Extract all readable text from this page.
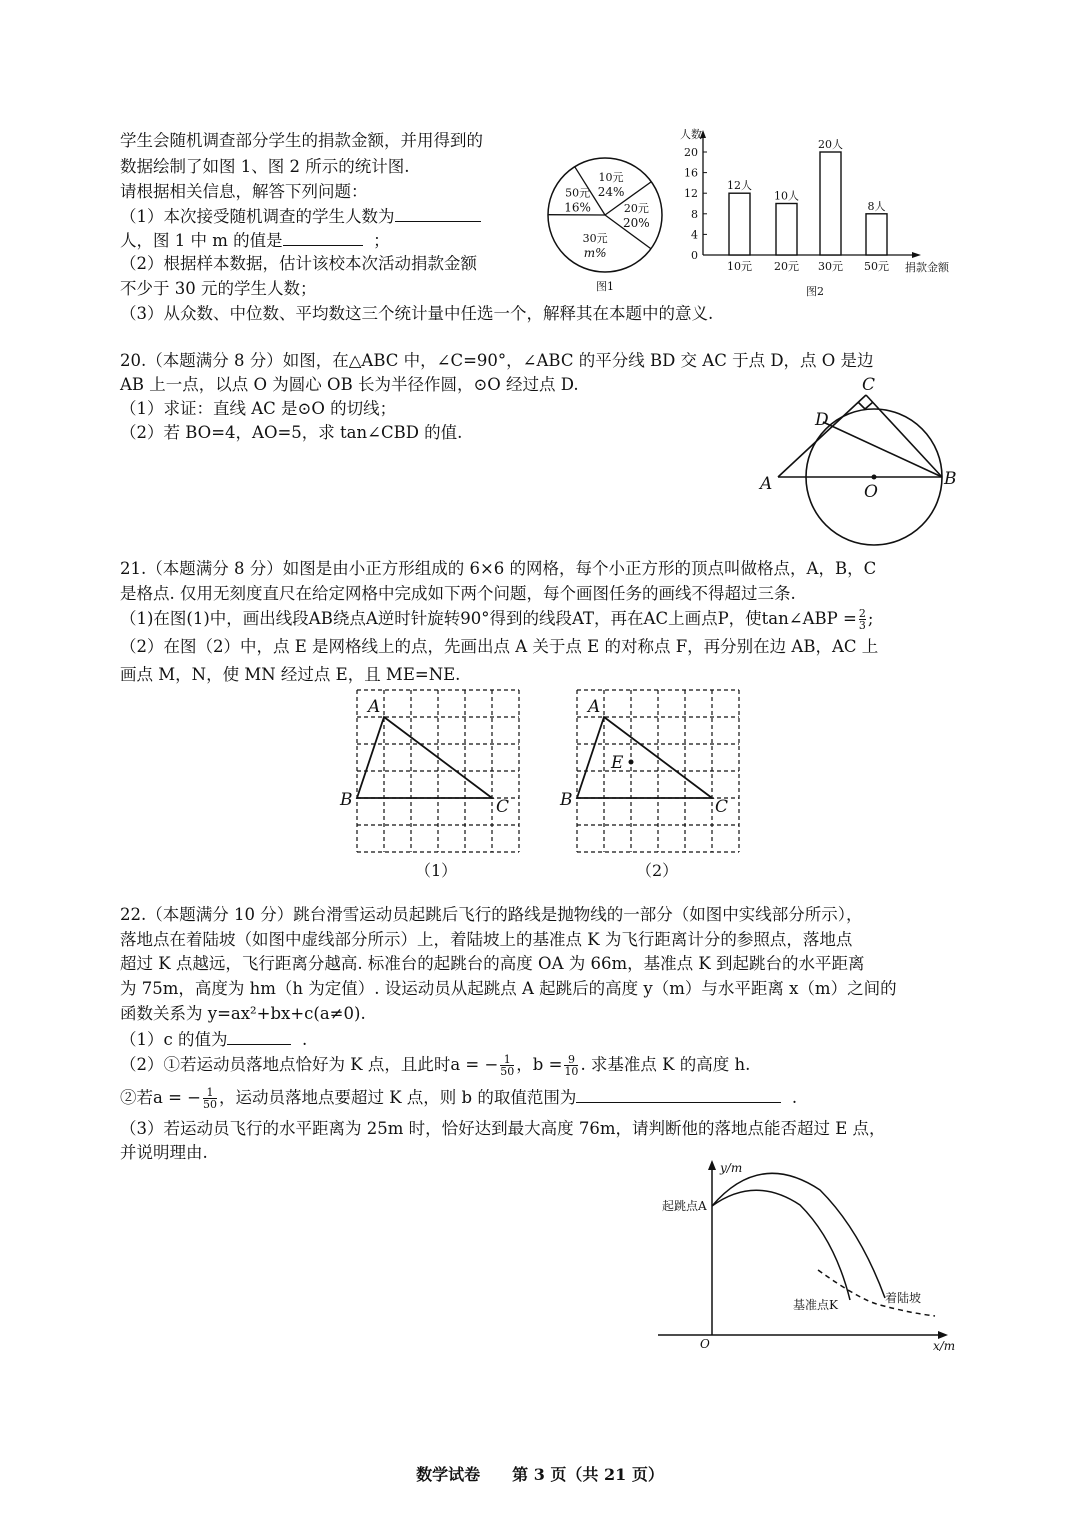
学生会随机调查部分学生的捐款金额，并用得到的
数据绘制了如图 1、图 2 所示的统计图.
请根据相关信息，解答下列问题：
（1）本次接受随机调查的学生人数为
人，图 1 中 m 的值是	；
（2）根据样本数据，估计该校本次活动捐款金额
不少于 30 元的学生人数；
（3）从众数、中位数、平均数这三个统计量中任选一个，解释其在本题中的意义.
10元
24%
20元
20%
30元
m%
50元
16%
图1
0
4
8
12
16
20
12人
10元
10人
20元
20人
30元
8人
50元
人数
捐款金额
图2
A	B
C
D
O
A
B	C
A
B	C
E
（1）	（2）
y/m
x/m
O
起跳点A
基准点K	着陆坡
20.（本题满分 8 分）如图，在△ABC 中，∠C=90°，∠ABC 的平分线 BD 交 AC 于点 D，点 O 是边
AB 上一点，以点 O 为圆心 OB 长为半径作圆，⊙O 经过点 D.
（1）求证：直线 AC 是⊙O 的切线；
（2）若 BO=4，AO=5，求 tan∠CBD 的值.
21.（本题满分 8 分）如图是由小正方形组成的 6×6 的网格，每个小正方形的顶点叫做格点，A，B，C
是格点. 仅用无刻度直尺在给定网格中完成如下两个问题，每个画图任务的画线不得超过三条.
（1)在图(1)中，画出线段AB绕点A逆时针旋转90°得到的线段AT，再在AC上画点P，使tan∠ABP = $\frac{2}{3}$ ;
（2）在图（2）中，点 E 是网格线上的点，先画出点 A 关于点 E 的对称点 F，再分别在边 AB，AC 上
画点 M，N，使 MN 经过点 E，且 ME=NE.
22.（本题满分 10 分）跳台滑雪运动员起跳后飞行的路线是抛物线的一部分（如图中实线部分所示），
落地点在着陆坡（如图中虚线部分所示）上，着陆坡上的基准点 K 为飞行距离计分的参照点，落地点
超过 K 点越远，飞行距离分越高. 标准台的起跳台的高度 OA 为 66m，基准点 K 到起跳台的水平距离
为 75m，高度为 hm（h 为定值）. 设运动员从起跳点 A 起跳后的高度 y（m）与水平距离 x（m）之间的
函数关系为 y=ax²+bx+c(a≠0).
（1）c 的值为	.
（2）①若运动员落地点恰好为 K 点，且此时a = − $\frac{1}{50}$ ，$b = \frac{9}{10}$ . 求基准点 K 的高度 h.
②若a = − $\frac{1}{50}$ ，运动员落地点要超过 K 点，则 b 的取值范围为	.
（3）若运动员飞行的水平距离为 25m 时，恰好达到最大高度 76m，请判断他的落地点能否超过 E 点，
并说明理由.
数学试卷　　第 3 页（共 21 页）
